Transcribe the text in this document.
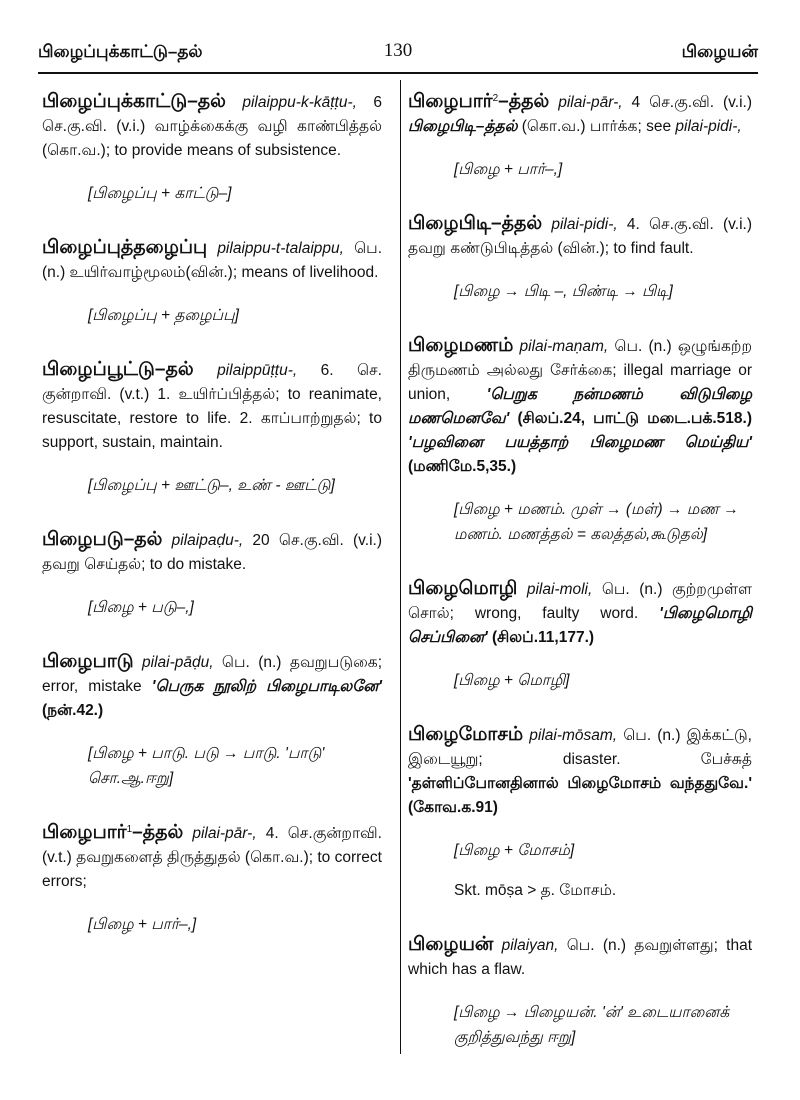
பிழைப்புக்காட்டு–தல்	130	பிழையன்

பிழைப்புக்காட்டு–தல் pilaippu-k-kāṭṭu-, 6 செ.கு.வி. (v.i.) வாழ்க்கைக்கு வழி காண்பித்தல் (கொ.வ.); to provide means of subsistence.

[பிழைப்பு + காட்டு–]

பிழைப்புத்தழைப்பு pilaippu-t-talaippu, பெ. (n.) உயிர்வாழ்மூலம்(வின்.); means of livelihood.

[பிழைப்பு + தழைப்பு]

பிழைப்பூட்டு–தல் pilaippūṭṭu-, 6. செ. குன்றாவி. (v.t.) 1. உயிர்ப்பித்தல்; to reanimate, resuscitate, restore to life. 2. காப்பாற்றுதல்; to support, sustain, maintain.

[பிழைப்பு + ஊட்டு–, உண் - ஊட்டு]

பிழைபடு–தல் pilaipaḍu-, 20 செ.கு.வி. (v.i.) தவறு செய்தல்; to do mistake.

[பிழை + படு–,]

பிழைபாடு pilai-pāḍu, பெ. (n.) தவறுபடுகை; error, mistake 'பெருக நூலிற் பிழைபாடிலனே' (நன்.42.)

[பிழை + பாடு. படு → பாடு. 'பாடு' சொ.ஆ.ஈறு]

பிழைபார்$^1$–த்தல் pilai-pār-, 4. செ.குன்றாவி. (v.t.) தவறுகளைத் திருத்துதல் (கொ.வ.); to correct errors;

[பிழை + பார்–,]

பிழைபார்$^2$–த்தல் pilai-pār-, 4 செ.கு.வி. (v.i.) பிழைபிடி–த்தல் (கொ.வ.) பார்க்க; see pilai-pidi-,

[பிழை + பார்–,]

பிழைபிடி–த்தல் pilai-pidi-, 4. செ.கு.வி. (v.i.) தவறு கண்டுபிடித்தல் (வின்.); to find fault.

[பிழை → பிடி –, பிண்டி → பிடி]

பிழைமணம் pilai-maṇam, பெ. (n.) ஒழுங்கற்ற திருமணம் அல்லது சேர்க்கை; illegal marriage or union, 'பெறுக நன்மணம் விடுபிழை மணமெனவே' (சிலப்.24, பாட்டு மடை.பக்.518.) 'பழவினை பயத்தாற் பிழைமண மெய்திய' (மணிமே.5,35.)

[பிழை + மணம். முள் → (மள்) → மண → மணம். மணத்தல் = கலத்தல்,கூடுதல்]

பிழைமொழி pilai-moli, பெ. (n.) குற்றமுள்ள சொல்; wrong, faulty word. 'பிழைமொழி செப்பினை' (சிலப்.11,177.)

[பிழை + மொழி]

பிழைமோசம் pilai-mōsam, பெ. (n.) இக்கட்டு, இடையூறு; disaster. பேச்சுத் 'தள்ளிப்போனதினால் பிழைமோசம் வந்ததுவே.' (கோவ.க.91)

[பிழை + மோசம்]

Skt. mōṣa > த. மோசம்.

பிழையன் pilaiyan, பெ. (n.) தவறுள்ளது; that which has a flaw.

[பிழை → பிழையன். 'ன்' உடையானைக் குறித்துவந்து ஈறு]
